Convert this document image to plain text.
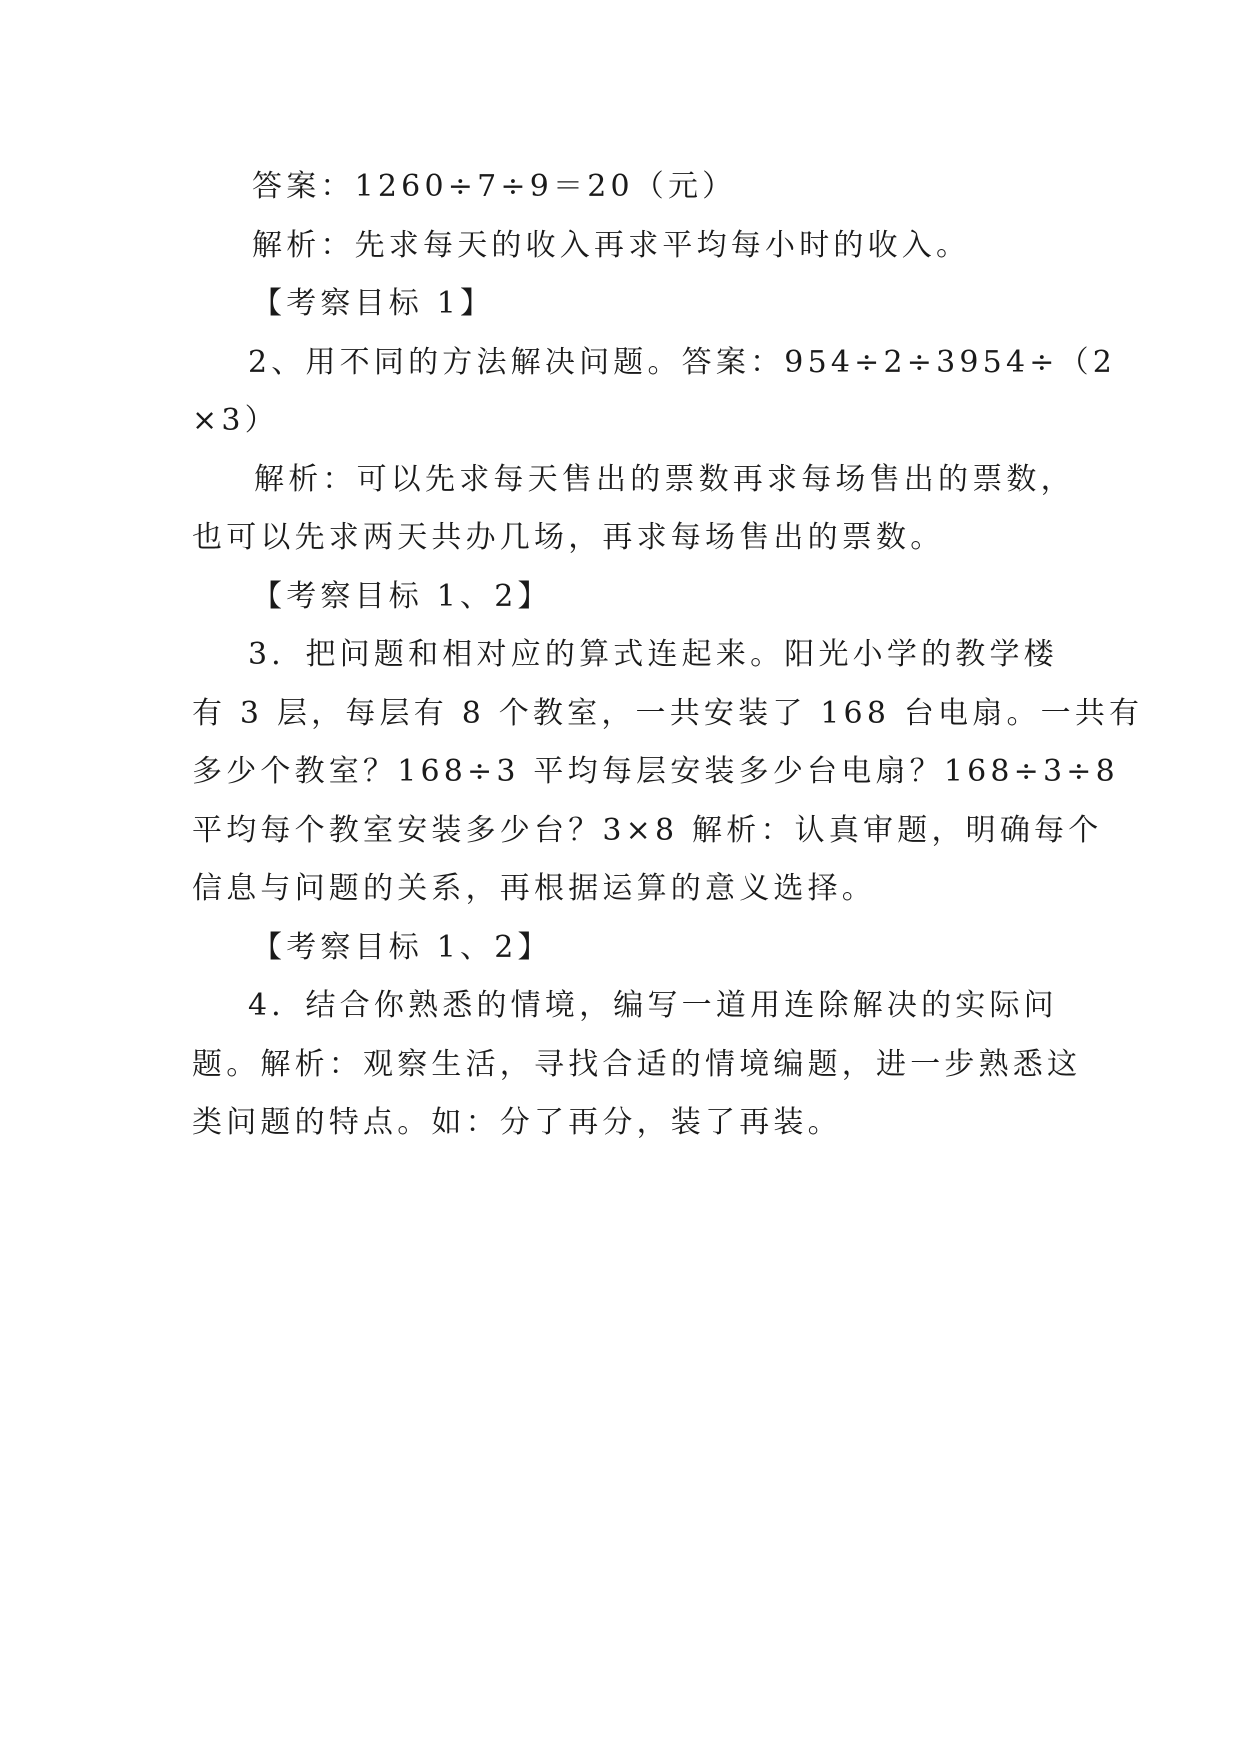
答案：1260÷7÷9＝20（元）
解析：先求每天的收入再求平均每小时的收入。
【考察目标 1】
2、用不同的方法解决问题。答案：954÷2÷3954÷（2
×3）
解析：可以先求每天售出的票数再求每场售出的票数，
也可以先求两天共办几场，再求每场售出的票数。
【考察目标 1、2】
3．把问题和相对应的算式连起来。阳光小学的教学楼
有 3 层，每层有 8 个教室，一共安装了 168 台电扇。一共有
多少个教室？168÷3 平均每层安装多少台电扇？168÷3÷8
平均每个教室安装多少台？3×8 解析：认真审题，明确每个
信息与问题的关系，再根据运算的意义选择。
【考察目标 1、2】
4．结合你熟悉的情境，编写一道用连除解决的实际问
题。解析：观察生活，寻找合适的情境编题，进一步熟悉这
类问题的特点。如：分了再分，装了再装。
